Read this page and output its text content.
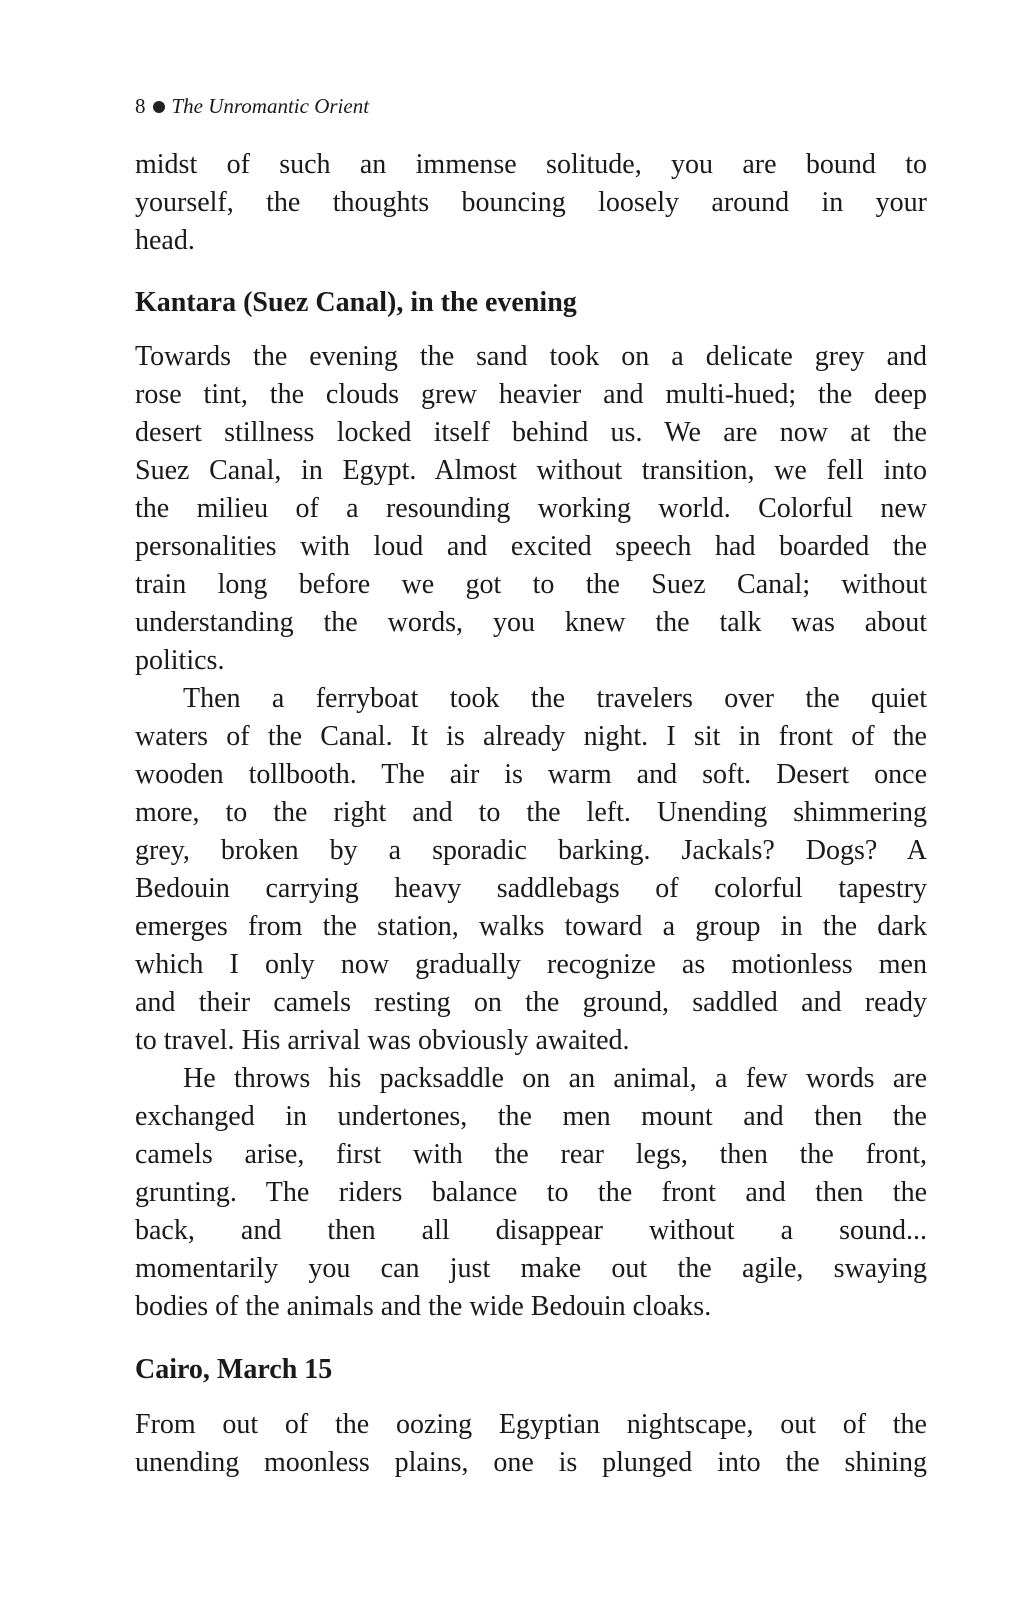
8 The Unromantic Orient
midst of such an immense solitude, you are bound to
yourself, the thoughts bouncing loosely around in your
head.
Kantara (Suez Canal), in the evening
Towards the evening the sand took on a delicate grey and
rose tint, the clouds grew heavier and multi-hued; the deep
desert stillness locked itself behind us. We are now at the
Suez Canal, in Egypt. Almost without transition, we fell into
the milieu of a resounding working world. Colorful new
personalities with loud and excited speech had boarded the
train long before we got to the Suez Canal; without
understanding the words, you knew the talk was about
politics.
Then a ferryboat took the travelers over the quiet
waters of the Canal. It is already night. I sit in front of the
wooden tollbooth. The air is warm and soft. Desert once
more, to the right and to the left. Unending shimmering
grey, broken by a sporadic barking. Jackals? Dogs? A
Bedouin carrying heavy saddlebags of colorful tapestry
emerges from the station, walks toward a group in the dark
which I only now gradually recognize as motionless men
and their camels resting on the ground, saddled and ready
to travel. His arrival was obviously awaited.
He throws his packsaddle on an animal, a few words are
exchanged in undertones, the men mount and then the
camels arise, first with the rear legs, then the front,
grunting. The riders balance to the front and then the
back, and then all disappear without a sound...
momentarily you can just make out the agile, swaying
bodies of the animals and the wide Bedouin cloaks.
Cairo, March 15
From out of the oozing Egyptian nightscape, out of the
unending moonless plains, one is plunged into the shining
